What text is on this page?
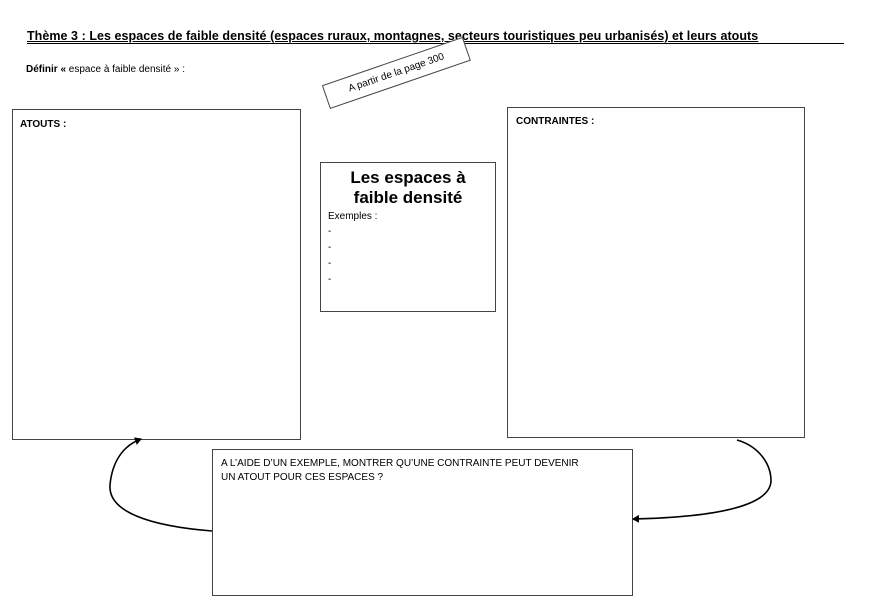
Thème 3 : Les espaces de faible densité (espaces ruraux, montagnes, secteurs touristiques peu urbanisés) et leurs atouts
Définir « espace à faible densité » :	A partir de la page 300
ATOUTS :
Les espaces à
faible densité
Exemples :
-
-
-
-
CONTRAINTES :
A L’AIDE D’UN EXEMPLE, MONTRER QU’UNE CONTRAINTE PEUT DEVENIR
UN ATOUT POUR CES ESPACES ?
